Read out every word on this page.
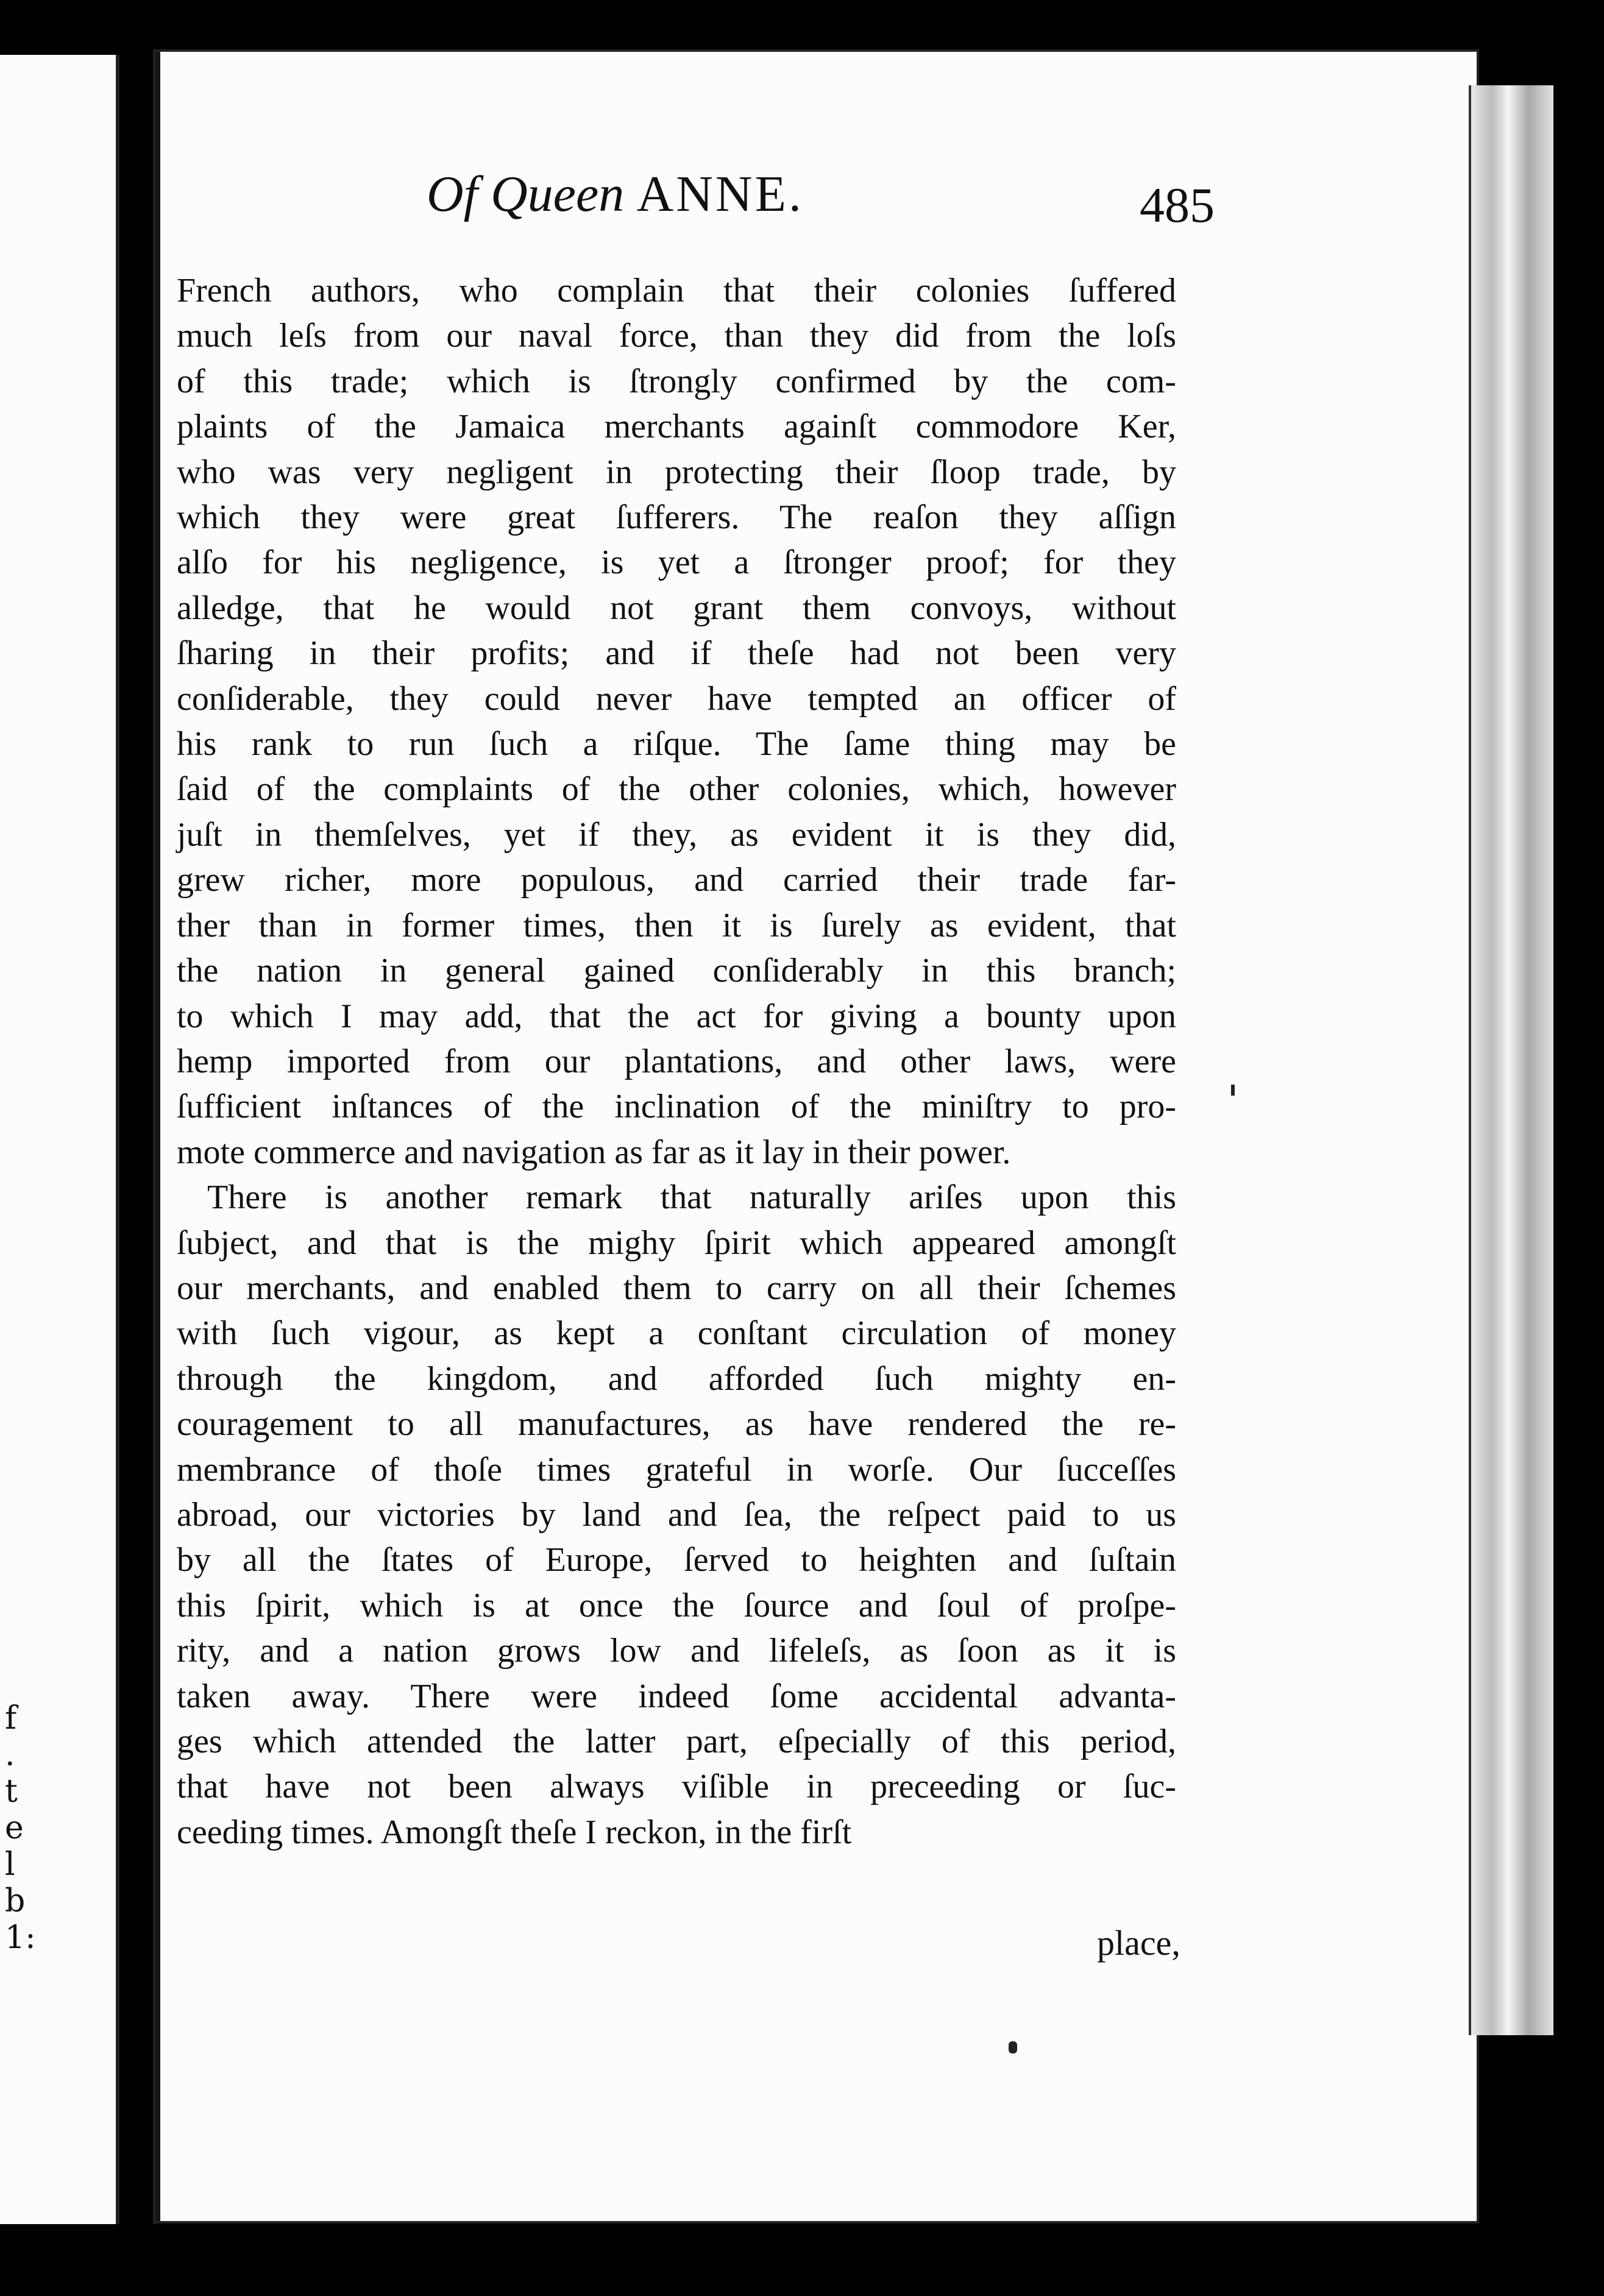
f
.
t
e
l
b
1:
Of Queen ANNE.	485
French authors, who complain that their colonies ſuffered
much leſs from our naval force, than they did from the loſs
of this trade; which is ſtrongly confirmed by the com-
plaints of the Jamaica merchants againſt commodore Ker,
who was very negligent in protecting their ſloop trade, by
which they were great ſufferers. The reaſon they aſſign
alſo for his negligence, is yet a ſtronger proof; for they
alledge, that he would not grant them convoys, without
ſharing in their profits; and if theſe had not been very
conſiderable, they could never have tempted an officer of
his rank to run ſuch a riſque. The ſame thing may be
ſaid of the complaints of the other colonies, which, however
juſt in themſelves, yet if they, as evident it is they did,
grew richer, more populous, and carried their trade far-
ther than in former times, then it is ſurely as evident, that
the nation in general gained conſiderably in this branch;
to which I may add, that the act for giving a bounty upon
hemp imported from our plantations, and other laws, were
ſufficient inſtances of the inclination of the miniſtry to pro-
mote commerce and navigation as far as it lay in their power.
There is another remark that naturally ariſes upon this
ſubject, and that is the mighy ſpirit which appeared amongſt
our merchants, and enabled them to carry on all their ſchemes
with ſuch vigour, as kept a conſtant circulation of money
through the kingdom, and afforded ſuch mighty en-
couragement to all manufactures, as have rendered the re-
membrance of thoſe times grateful in worſe. Our ſucceſſes
abroad, our victories by land and ſea, the reſpect paid to us
by all the ſtates of Europe, ſerved to heighten and ſuſtain
this ſpirit, which is at once the ſource and ſoul of proſpe-
rity, and a nation grows low and lifeleſs, as ſoon as it is
taken away. There were indeed ſome accidental advanta-
ges which attended the latter part, eſpecially of this period,
that have not been always viſible in preceeding or ſuc-
ceeding times. Amongſt theſe I reckon, in the firſt
place,
